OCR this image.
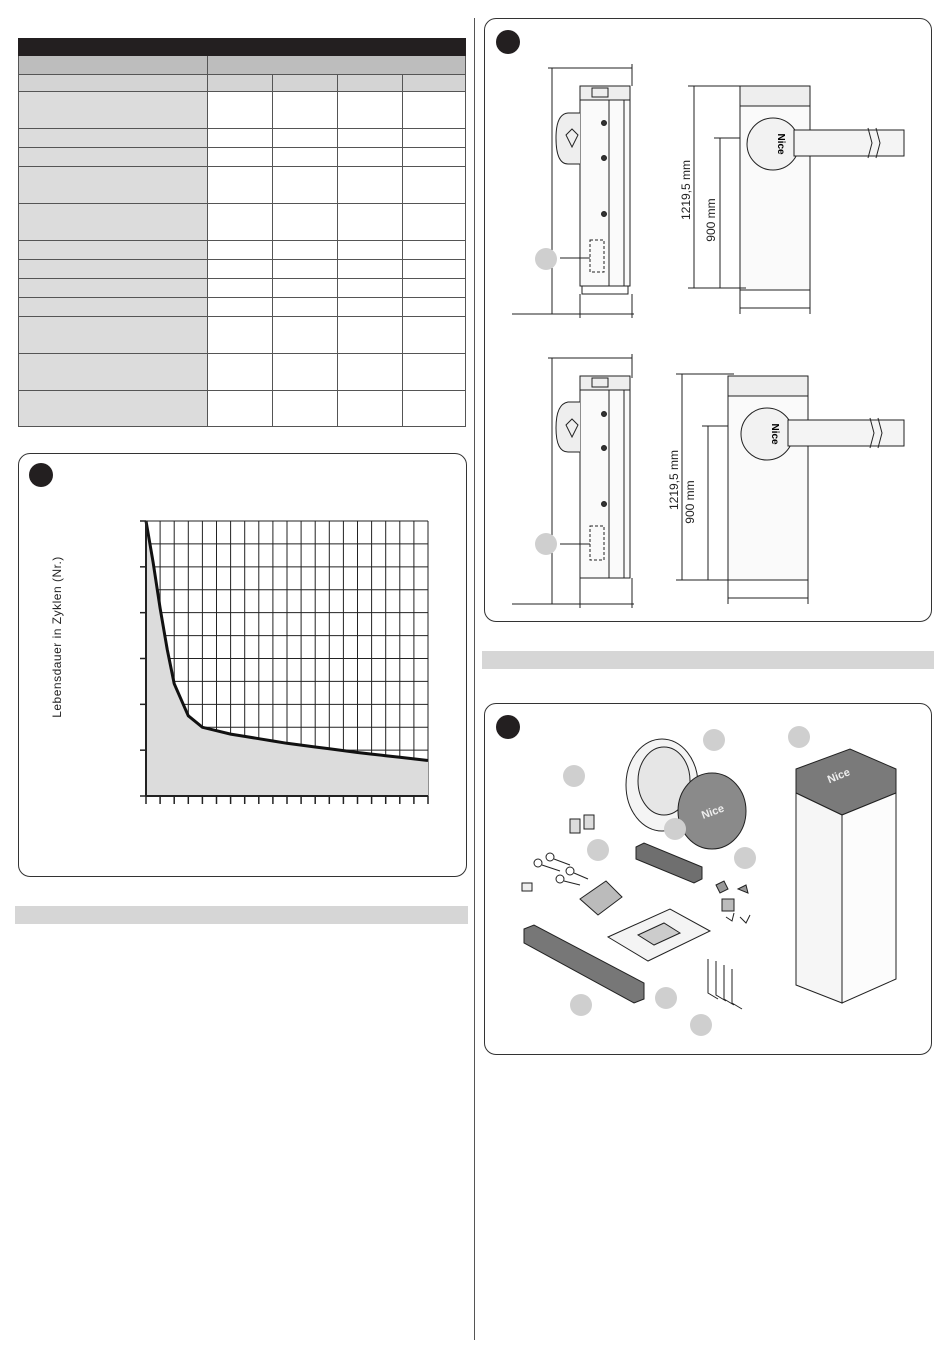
Lebensdauer in Zyklen (Nr.)
Nice
Nice
1219,5 mm 900 mm
1219,5 mm 900 mm
Nice
Nice
